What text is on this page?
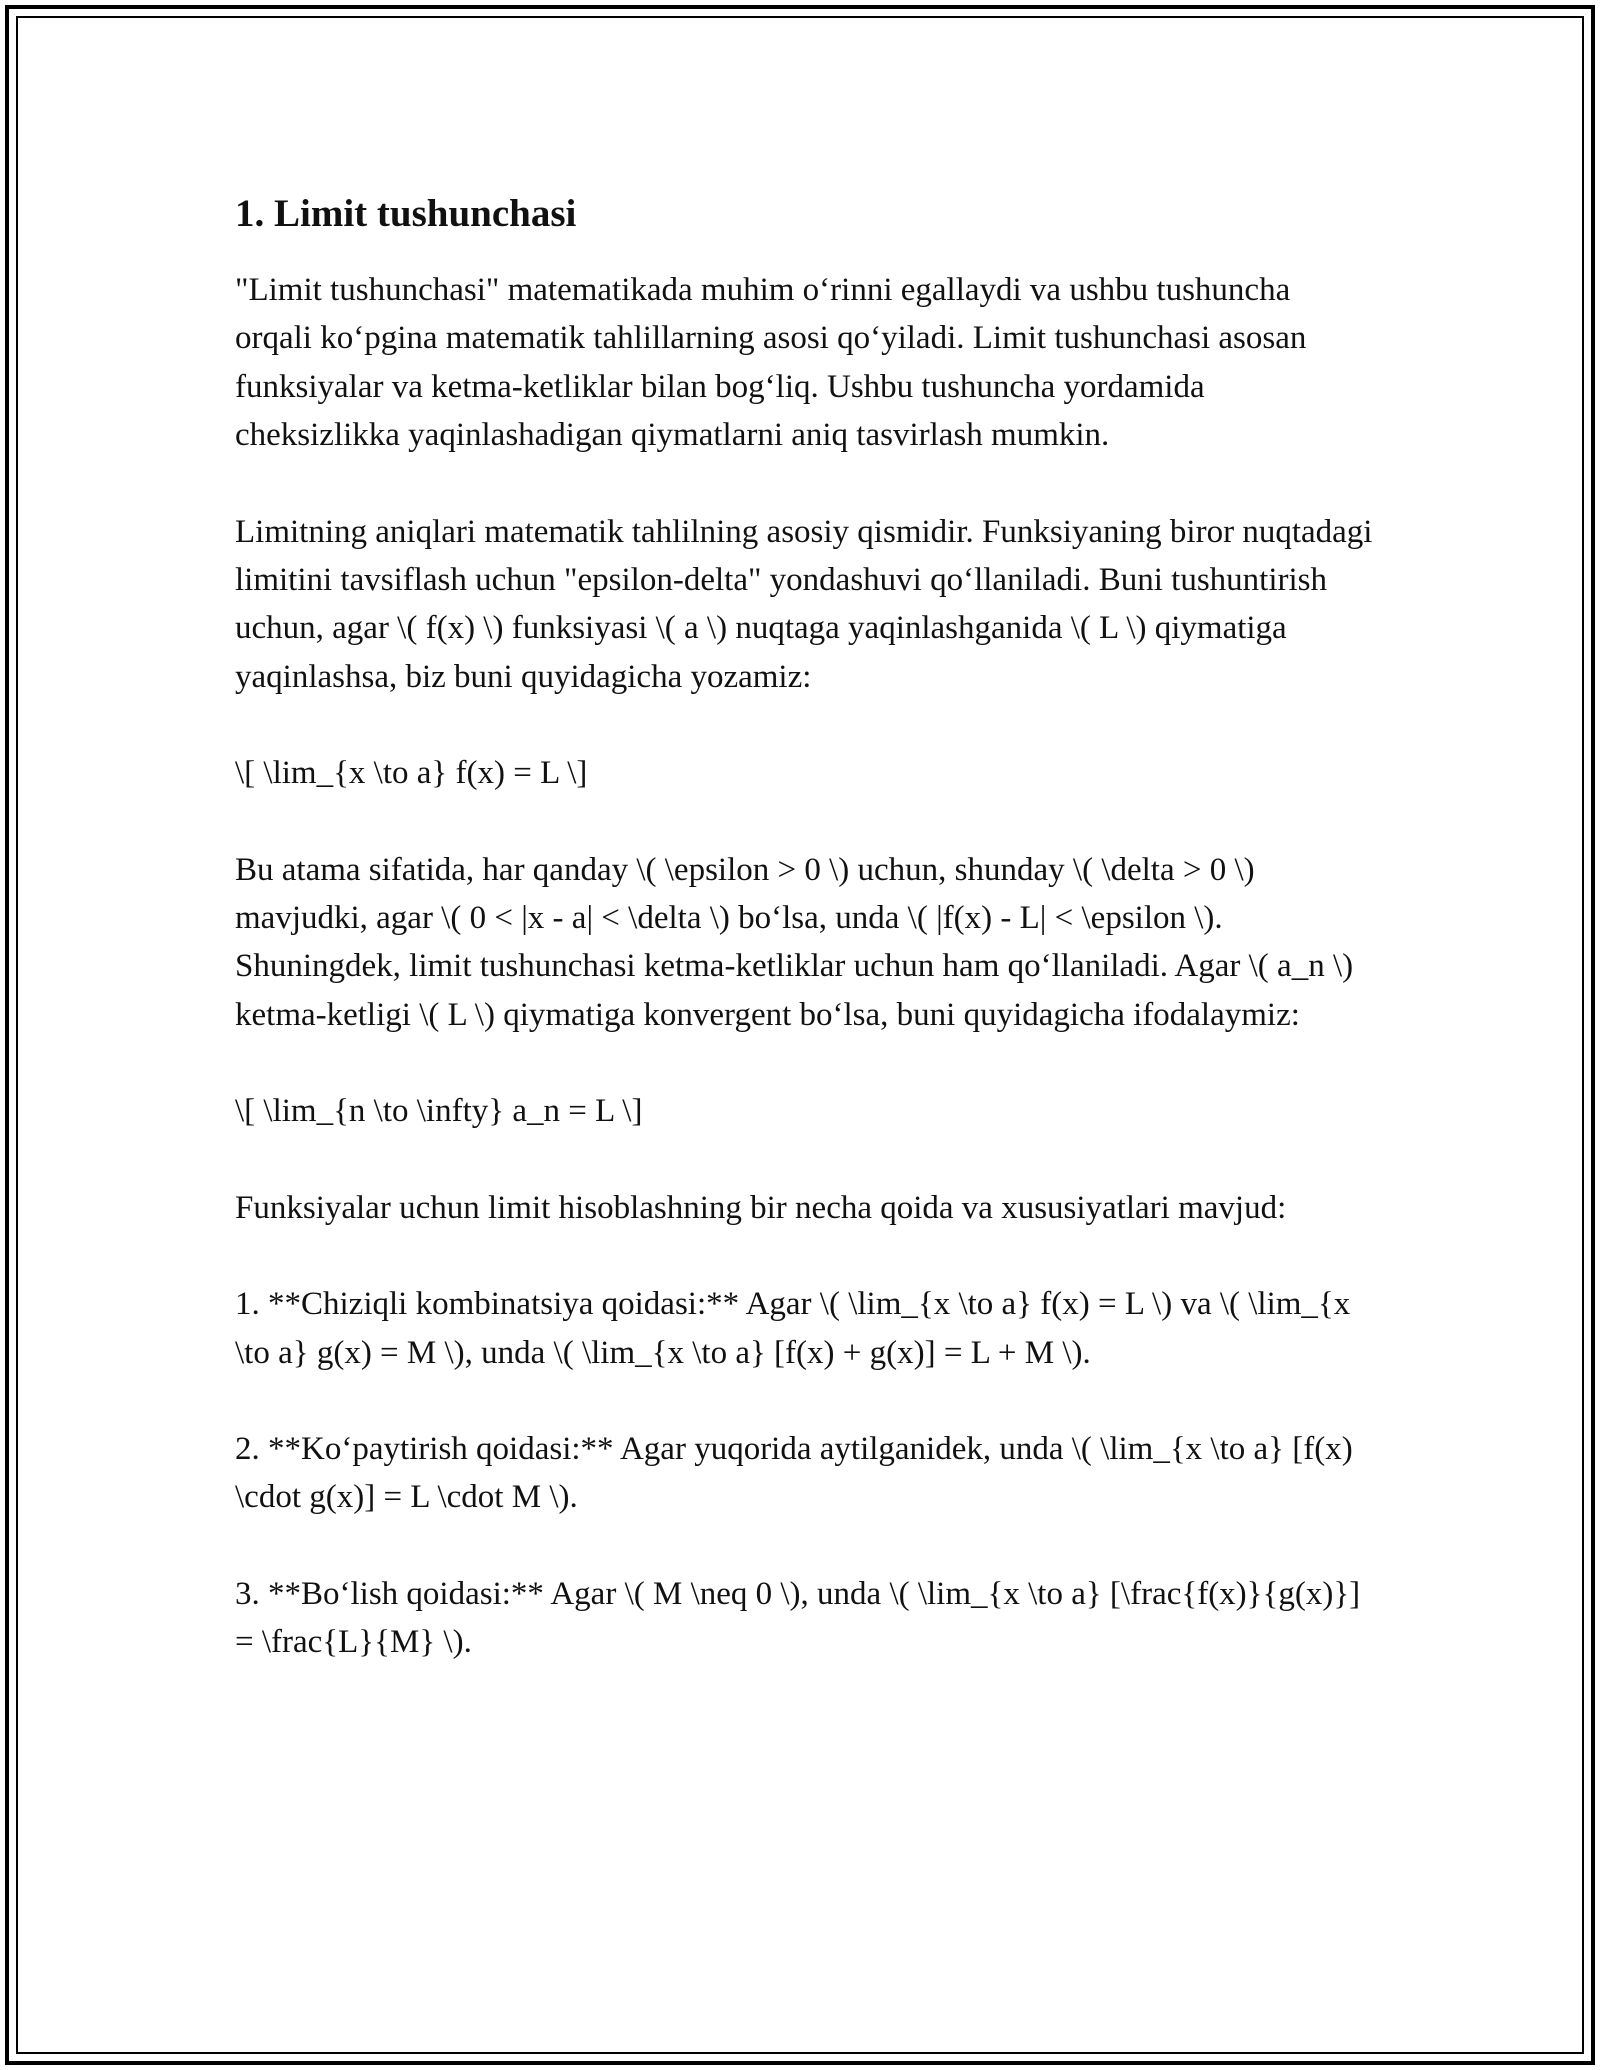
1. Limit tushunchasi

"Limit tushunchasi" matematikada muhim o‘rinni egallaydi va ushbu tushuncha orqali ko‘pgina matematik tahlillarning asosi qo‘yiladi. Limit tushunchasi asosan funksiyalar va ketma-ketliklar bilan bog‘liq. Ushbu tushuncha yordamida cheksizlikka yaqinlashadigan qiymatlarni aniq tasvirlash mumkin.

Limitning aniqlari matematik tahlilning asosiy qismidir. Funksiyaning biror nuqtadagi limitini tavsiflash uchun "epsilon-delta" yondashuvi qo‘llaniladi. Buni tushuntirish uchun, agar \( f(x) \) funksiyasi \( a \) nuqtaga yaqinlashganida \( L \) qiymatiga yaqinlashsa, biz buni quyidagicha yozamiz:

\[ \lim_{x \to a} f(x) = L \]

Bu atama sifatida, har qanday \( \epsilon > 0 \) uchun, shunday \( \delta > 0 \) mavjudki, agar \( 0 < |x - a| < \delta \) bo‘lsa, unda \( |f(x) - L| < \epsilon \). Shuningdek, limit tushunchasi ketma-ketliklar uchun ham qo‘llaniladi. Agar \( a_n \) ketma-ketligi \( L \) qiymatiga konvergent bo‘lsa, buni quyidagicha ifodalaymiz:

\[ \lim_{n \to \infty} a_n = L \]

Funksiyalar uchun limit hisoblashning bir necha qoida va xususiyatlari mavjud:

1. **Chiziqli kombinatsiya qoidasi:** Agar \( \lim_{x \to a} f(x) = L \) va \( \lim_{x \to a} g(x) = M \), unda \( \lim_{x \to a} [f(x) + g(x)] = L + M \).

2. **Ko‘paytirish qoidasi:** Agar yuqorida aytilganidek, unda \( \lim_{x \to a} [f(x) \cdot g(x)] = L \cdot M \).

3. **Bo‘lish qoidasi:** Agar \( M \neq 0 \), unda \( \lim_{x \to a} [\frac{f(x)}{g(x)}] = \frac{L}{M} \).
